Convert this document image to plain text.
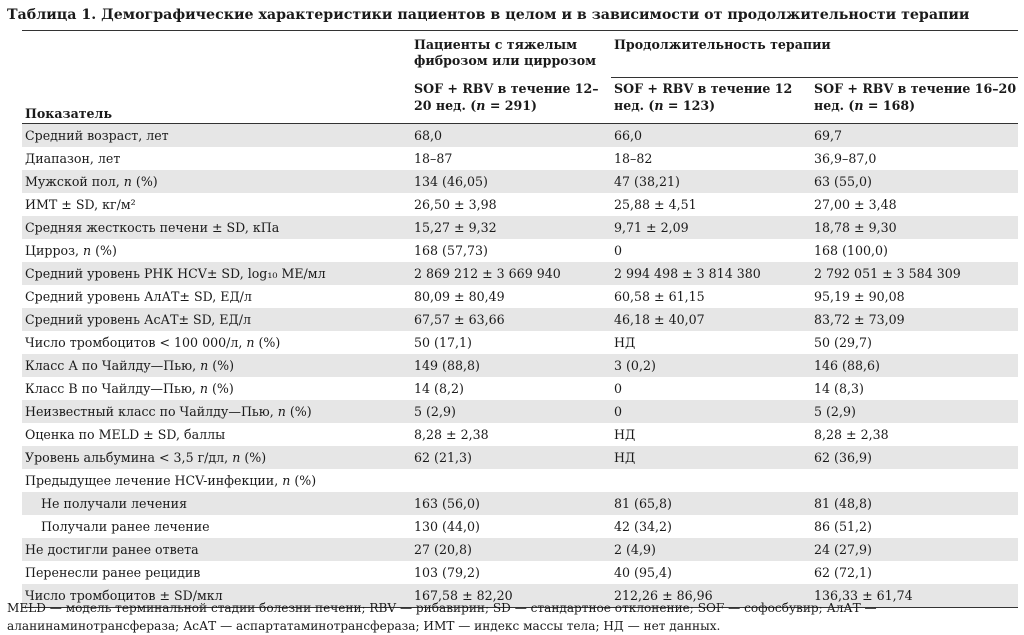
Таблица 1. Демографические характеристики пациентов в целом и в зависимости от продолжительности терапии
	Пациенты с тяжелым фиброзом или циррозом	Продолжительность терапии	
Показатель	SOF + RBV в течение 12–20 нед. (n = 291)	SOF + RBV в течение 12 нед. (n = 123)	SOF + RBV в течение 16–20 нед. (n = 168)
Средний возраст, лет	68,0	66,0	69,7
Диапазон, лет	18–87	18–82	36,9–87,0
Мужской пол, n (%)	134 (46,05)	47 (38,21)	63 (55,0)
ИМТ ± SD, кг/м²	26,50 ± 3,98	25,88 ± 4,51	27,00 ± 3,48
Средняя жесткость печени ± SD, кПа	15,27 ± 9,32	9,71 ± 2,09	18,78 ± 9,30
Цирроз, n (%)	168 (57,73)	0	168 (100,0)
Средний уровень РНК HCV± SD, log₁₀ МЕ/мл	2 869 212 ± 3 669 940	2 994 498 ± 3 814 380	2 792 051 ± 3 584 309
Средний уровень АлАТ± SD, ЕД/л	80,09 ± 80,49	60,58 ± 61,15	95,19 ± 90,08
Средний уровень АсАТ± SD, ЕД/л	67,57 ± 63,66	46,18 ± 40,07	83,72 ± 73,09
Число тромбоцитов < 100 000/л, n (%)	50 (17,1)	НД	50 (29,7)
Класс А по Чайлду—Пью, n (%)	149 (88,8)	3 (0,2)	146 (88,6)
Класс В по Чайлду—Пью, n (%)	14 (8,2)	0	14 (8,3)
Неизвестный класс по Чайлду—Пью, n (%)	5 (2,9)	0	5 (2,9)
Оценка по MELD ± SD, баллы	8,28 ± 2,38	НД	8,28 ± 2,38
Уровень альбумина < 3,5 г/дл, n (%)	62 (21,3)	НД	62 (36,9)
Предыдущее лечение HCV-инфекции, n (%)			
Не получали лечения	163 (56,0)	81 (65,8)	81 (48,8)
Получали ранее лечение	130 (44,0)	42 (34,2)	86 (51,2)
Не достигли ранее ответа	27 (20,8)	2 (4,9)	24 (27,9)
Перенесли ранее рецидив	103 (79,2)	40 (95,4)	62 (72,1)
Число тромбоцитов ± SD/мкл	167,58 ± 82,20	212,26 ± 86,96	136,33 ± 61,74
MELD — модель терминальной стадии болезни печени; RBV — рибавирин; SD — стандартное отклонение; SOF — софосбувир; АлАТ — аланинаминотрансфераза; АсАТ — аспартатаминотрансфераза; ИМТ — индекс массы тела; НД — нет данных.
